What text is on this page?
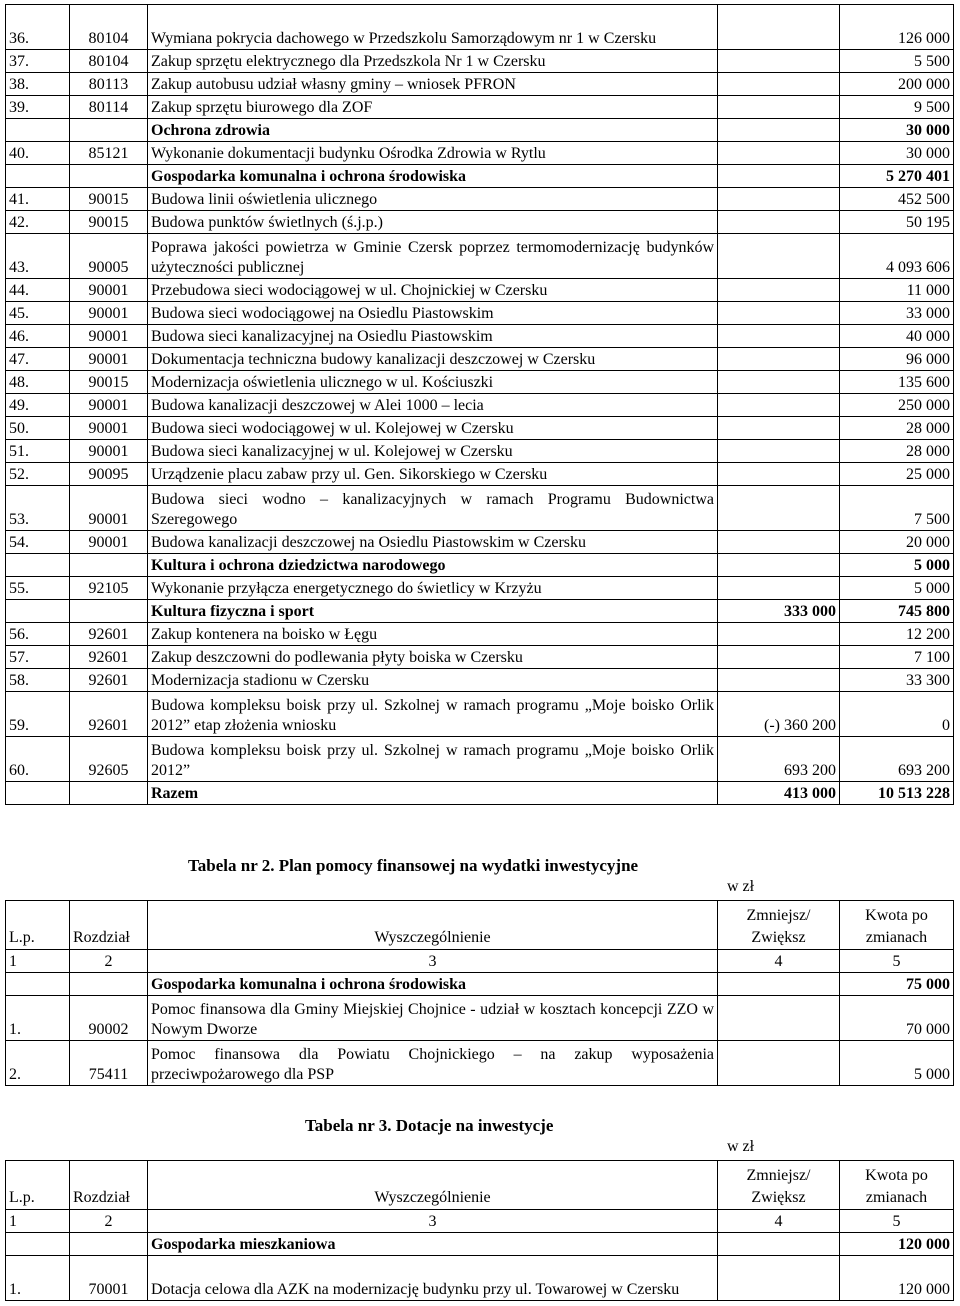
36.	80104	Wymiana pokrycia dachowego w Przedszkolu Samorządowym nr 1 w Czersku		126 000
37.	80104	Zakup sprzętu elektrycznego dla Przedszkola Nr 1 w Czersku		5 500
38.	80113	Zakup autobusu udział własny gminy – wniosek PFRON		200 000
39.	80114	Zakup sprzętu biurowego dla ZOF		9 500
		Ochrona zdrowia		30 000
40.	85121	Wykonanie dokumentacji budynku Ośrodka Zdrowia w Rytlu		30 000
		Gospodarka komunalna i ochrona środowiska		5 270 401
41.	90015	Budowa linii oświetlenia ulicznego		452 500
42.	90015	Budowa punktów świetlnych (ś.j.p.)		50 195
43.	90005	Poprawa jakości powietrza w Gminie Czersk poprzez termomodernizację budynków użyteczności publicznej		4 093 606
44.	90001	Przebudowa sieci wodociągowej w ul. Chojnickiej w Czersku		11 000
45.	90001	Budowa sieci wodociągowej na Osiedlu Piastowskim		33 000
46.	90001	Budowa sieci kanalizacyjnej na Osiedlu Piastowskim		40 000
47.	90001	Dokumentacja techniczna budowy kanalizacji deszczowej w Czersku		96 000
48.	90015	Modernizacja oświetlenia ulicznego w ul. Kościuszki		135 600
49.	90001	Budowa kanalizacji deszczowej w Alei 1000 – lecia		250 000
50.	90001	Budowa sieci wodociągowej w ul. Kolejowej w Czersku		28 000
51.	90001	Budowa sieci kanalizacyjnej w ul. Kolejowej w Czersku		28 000
52.	90095	Urządzenie placu zabaw przy ul. Gen. Sikorskiego w Czersku		25 000
53.	90001	Budowa sieci wodno – kanalizacyjnych w ramach Programu Budownictwa Szeregowego		7 500
54.	90001	Budowa kanalizacji deszczowej na Osiedlu Piastowskim w Czersku		20 000
		Kultura i ochrona dziedzictwa narodowego		5 000
55.	92105	Wykonanie przyłącza energetycznego do świetlicy w Krzyżu		5 000
		Kultura fizyczna i sport	333 000	745 800
56.	92601	Zakup kontenera na boisko w Łęgu		12 200
57.	92601	Zakup deszczowni do podlewania płyty boiska w Czersku		7 100
58.	92601	Modernizacja stadionu w Czersku		33 300
59.	92601	Budowa kompleksu boisk przy ul. Szkolnej w ramach programu „Moje boisko Orlik 2012” etap złożenia wniosku	(-) 360 200	0
60.	92605	Budowa kompleksu boisk przy ul. Szkolnej w ramach programu „Moje boisko Orlik 2012”	693 200	693 200
		Razem	413 000	10 513 228
Tabela nr 2. Plan pomocy finansowej na wydatki inwestycyjne
w zł
L.p.	Rozdział	Wyszczególnienie	Zmniejsz/ Zwiększ	Kwota po zmianach
1	2	3	4	5
		Gospodarka komunalna i ochrona środowiska		75 000
1.	90002	Pomoc finansowa dla Gminy Miejskiej Chojnice - udział w kosztach koncepcji ZZO w Nowym Dworze		70 000
2.	75411	Pomoc finansowa dla Powiatu Chojnickiego – na zakup wyposażenia przeciwpożarowego dla PSP		5 000
Tabela nr 3. Dotacje na inwestycje
w zł
L.p.	Rozdział	Wyszczególnienie	Zmniejsz/ Zwiększ	Kwota po zmianach
1	2	3	4	5
		Gospodarka mieszkaniowa		120 000
1.	70001	Dotacja celowa dla AZK na modernizację budynku przy ul. Towarowej w Czersku		120 000
